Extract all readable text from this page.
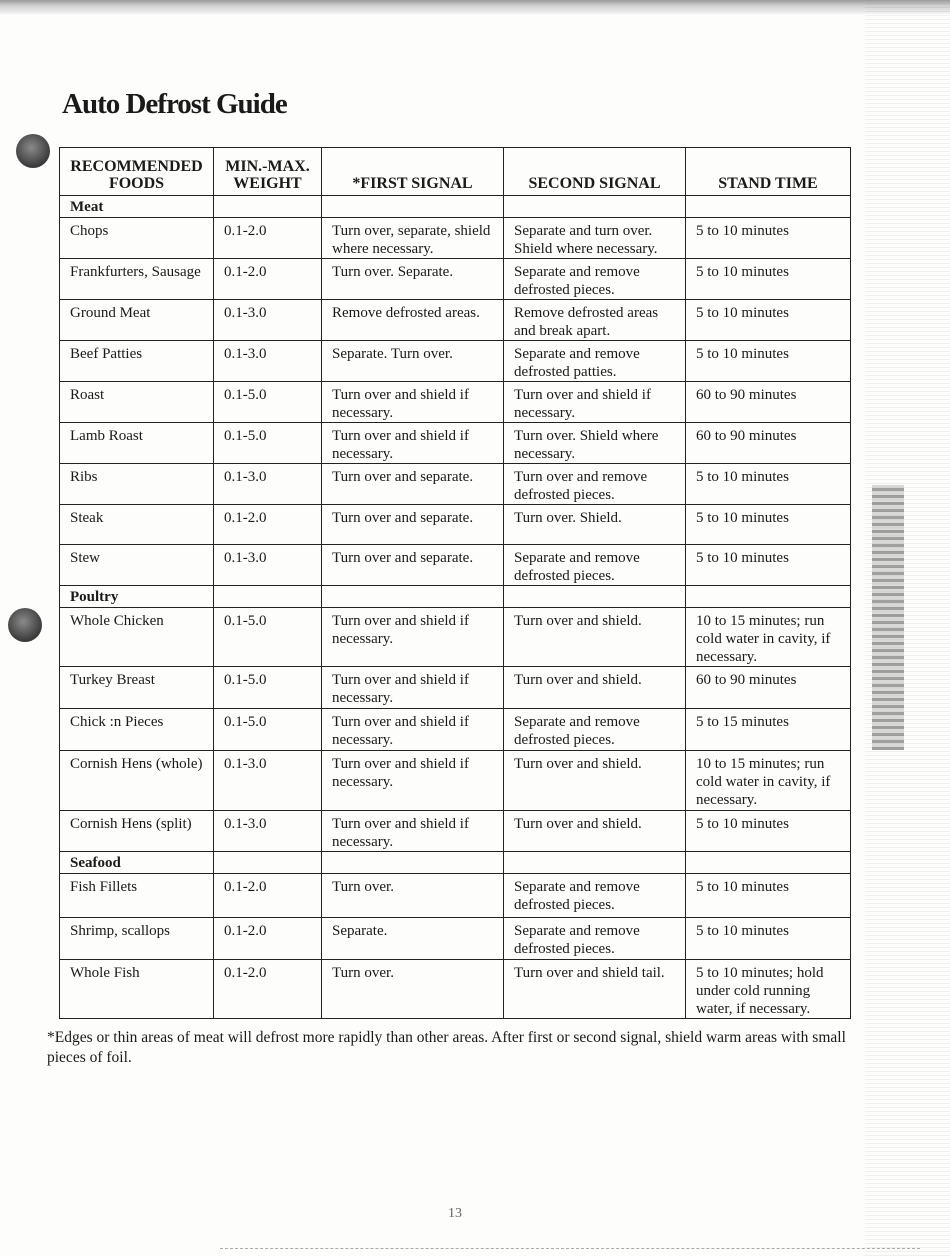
Auto Defrost Guide
RECOMMENDED FOODS	MIN.-MAX. WEIGHT	*FIRST SIGNAL	SECOND SIGNAL	STAND TIME
Meat				
Chops	0.1-2.0	Turn over, separate, shield where necessary.	Separate and turn over. Shield where necessary.	5 to 10 minutes
Frankfurters, Sausage	0.1-2.0	Turn over. Separate.	Separate and remove defrosted pieces.	5 to 10 minutes
Ground Meat	0.1-3.0	Remove defrosted areas.	Remove defrosted areas and break apart.	5 to 10 minutes
Beef Patties	0.1-3.0	Separate. Turn over.	Separate and remove defrosted patties.	5 to 10 minutes
Roast	0.1-5.0	Turn over and shield if necessary.	Turn over and shield if necessary.	60 to 90 minutes
Lamb Roast	0.1-5.0	Turn over and shield if necessary.	Turn over. Shield where necessary.	60 to 90 minutes
Ribs	0.1-3.0	Turn over and separate.	Turn over and remove defrosted pieces.	5 to 10 minutes
Steak	0.1-2.0	Turn over and separate.	Turn over. Shield.	5 to 10 minutes
Stew	0.1-3.0	Turn over and separate.	Separate and remove defrosted pieces.	5 to 10 minutes
Poultry				
Whole Chicken	0.1-5.0	Turn over and shield if necessary.	Turn over and shield.	10 to 15 minutes; run cold water in cavity, if necessary.
Turkey Breast	0.1-5.0	Turn over and shield if necessary.	Turn over and shield.	60 to 90 minutes
Chick :n Pieces	0.1-5.0	Turn over and shield if necessary.	Separate and remove defrosted pieces.	5 to 15 minutes
Cornish Hens (whole)	0.1-3.0	Turn over and shield if necessary.	Turn over and shield.	10 to 15 minutes; run cold water in cavity, if necessary.
Cornish Hens (split)	0.1-3.0	Turn over and shield if necessary.	Turn over and shield.	5 to 10 minutes
Seafood				
Fish Fillets	0.1-2.0	Turn over.	Separate and remove defrosted pieces.	5 to 10 minutes
Shrimp, scallops	0.1-2.0	Separate.	Separate and remove defrosted pieces.	5 to 10 minutes
Whole Fish	0.1-2.0	Turn over.	Turn over and shield tail.	5 to 10 minutes; hold under cold running water, if necessary.

*Edges or thin areas of meat will defrost more rapidly than other areas. After first or second signal, shield warm areas with small pieces of foil.

13
